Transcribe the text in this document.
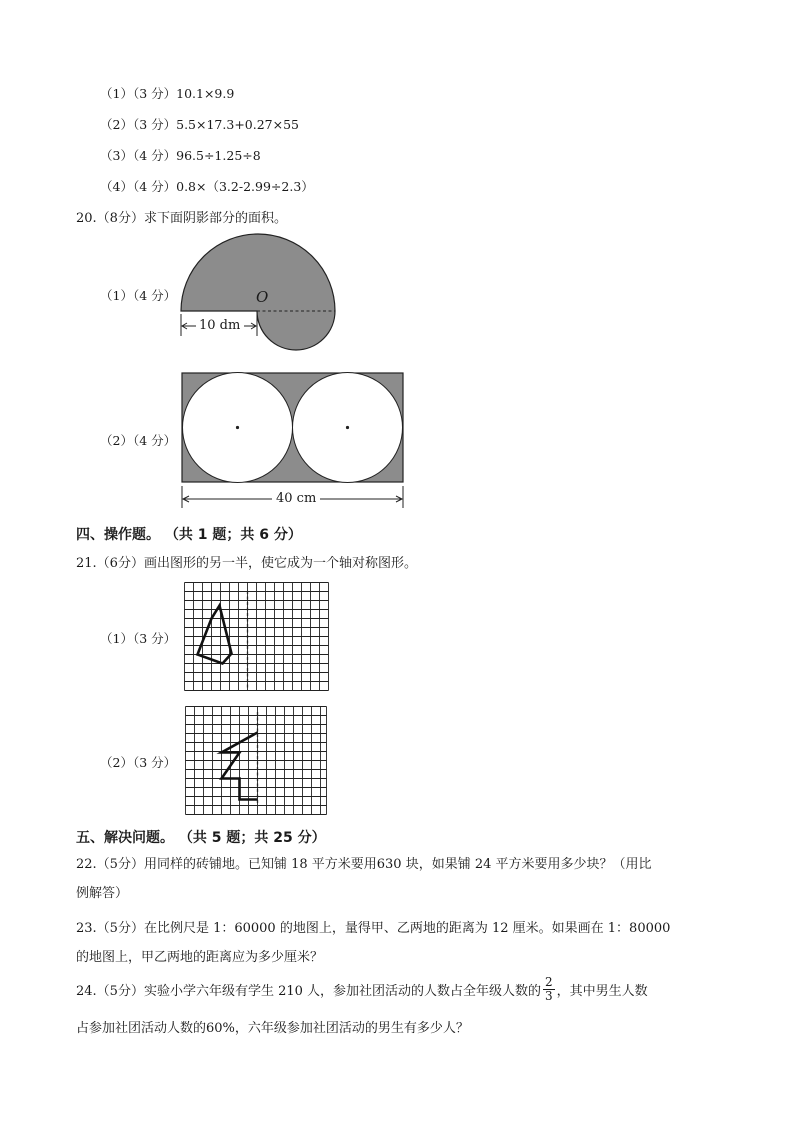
（1）（3 分）10.1×9.9
（2）（3 分）5.5×17.3+0.27×55
（3）（4 分）96.5÷1.25÷8
（4）（4 分）0.8×（3.2-2.99÷2.3）
20.（8分）求下面阴影部分的面积。
（1）（4 分）	O
10 dm
（2）（4 分）
40 cm
四、操作题。 （共 1 题；共 6 分）
21.（6分）画出图形的另一半，使它成为一个轴对称图形。
（1）（3 分）
（2）（3 分）
五、解决问题。 （共 5 题；共 25 分）
22.（5分）用同样的砖铺地。已知铺 18 平方米要用630 块，如果铺 24 平方米要用多少块？（用比
例解答）
23.（5分）在比例尺是 1：60000 的地图上，量得甲、乙两地的距离为 12 厘米。如果画在 1：80000
的地图上，甲乙两地的距离应为多少厘米？
24.（5分）实验小学六年级有学生 210 人，参加社团活动的人数占全年级人数的 $\frac{2}{3}$ ，其中男生人数
占参加社团活动人数的60%，六年级参加社团活动的男生有多少人？
